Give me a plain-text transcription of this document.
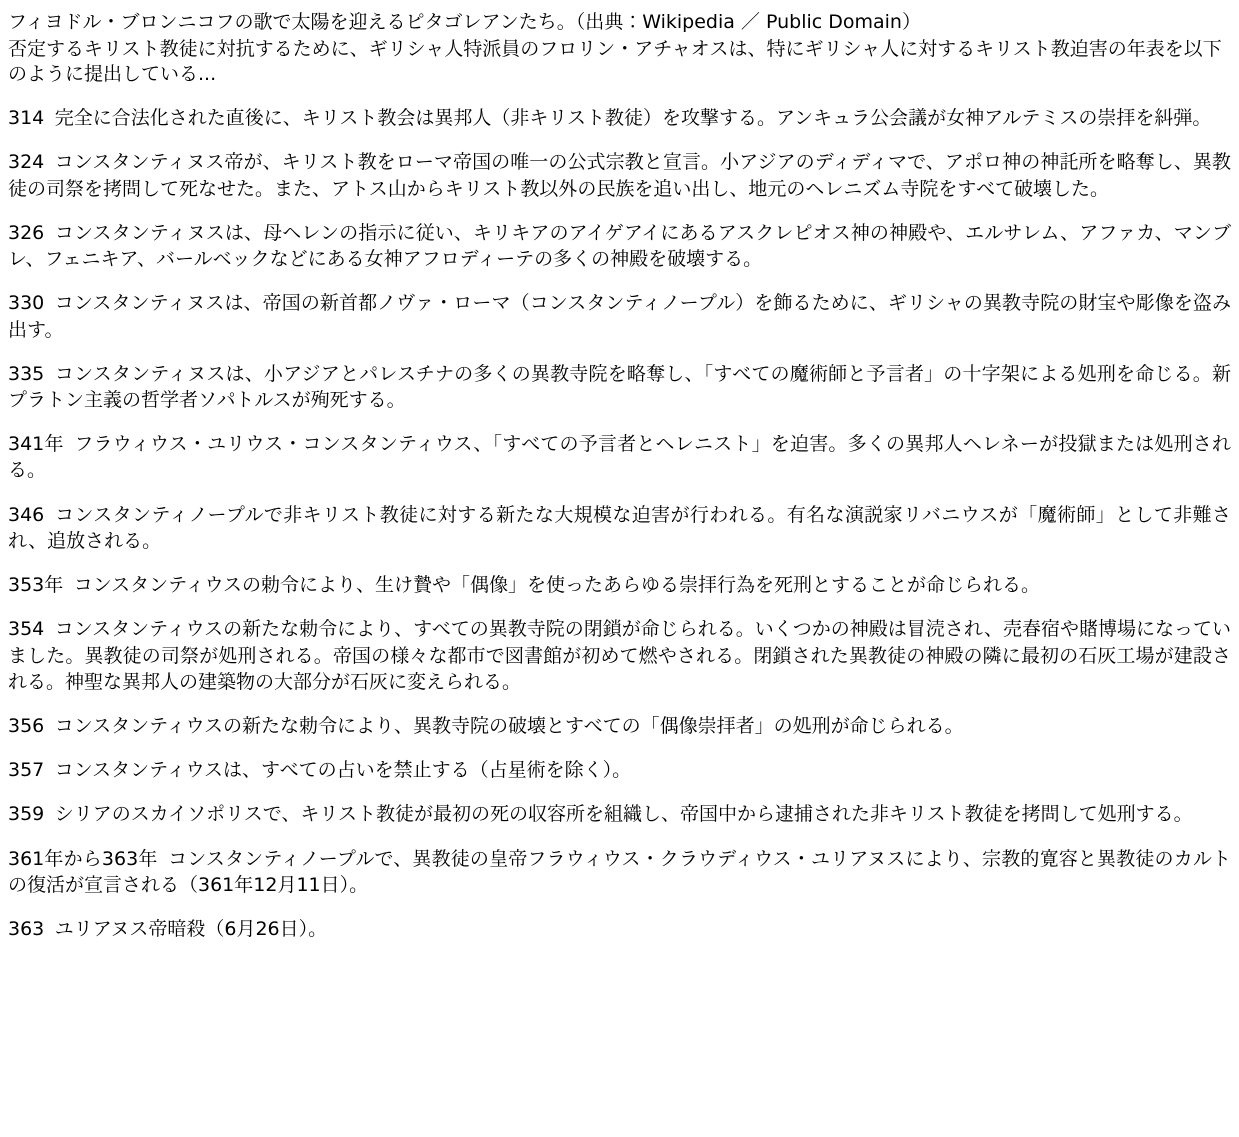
フィヨドル・ブロンニコフの歌で太陽を迎えるピタゴレアンたち。（出典：Wikipedia ／ Public Domain）
否定するキリスト教徒に対抗するために、ギリシャ人特派員のフロリン・アチャオスは、特にギリシャ人に対するキリスト教迫害の年表を以下のように提出している...
314 完全に合法化された直後に、キリスト教会は異邦人（非キリスト教徒）を攻撃する。アンキュラ公会議が女神アルテミスの崇拝を糾弾。
324 コンスタンティヌス帝が、キリスト教をローマ帝国の唯一の公式宗教と宣言。小アジアのディディマで、アポロ神の神託所を略奪し、異教徒の司祭を拷問して死なせた。また、アトス山からキリスト教以外の民族を追い出し、地元のヘレニズム寺院をすべて破壊した。
326 コンスタンティヌスは、母ヘレンの指示に従い、キリキアのアイゲアイにあるアスクレピオス神の神殿や、エルサレム、アファカ、マンブレ、フェニキア、バールベックなどにある女神アフロディーテの多くの神殿を破壊する。
330 コンスタンティヌスは、帝国の新首都ノヴァ・ローマ（コンスタンティノープル）を飾るために、ギリシャの異教寺院の財宝や彫像を盗み出す。
335 コンスタンティヌスは、小アジアとパレスチナの多くの異教寺院を略奪し、「すべての魔術師と予言者」の十字架による処刑を命じる。新プラトン主義の哲学者ソパトルスが殉死する。
341年 フラウィウス・ユリウス・コンスタンティウス、「すべての予言者とヘレニスト」を迫害。多くの異邦人ヘレネーが投獄または処刑される。
346 コンスタンティノープルで非キリスト教徒に対する新たな大規模な迫害が行われる。有名な演説家リバニウスが「魔術師」として非難され、追放される。
353年 コンスタンティウスの勅令により、生け贄や「偶像」を使ったあらゆる崇拝行為を死刑とすることが命じられる。
354 コンスタンティウスの新たな勅令により、すべての異教寺院の閉鎖が命じられる。いくつかの神殿は冒涜され、売春宿や賭博場になっていました。異教徒の司祭が処刑される。帝国の様々な都市で図書館が初めて燃やされる。閉鎖された異教徒の神殿の隣に最初の石灰工場が建設される。神聖な異邦人の建築物の大部分が石灰に変えられる。
356 コンスタンティウスの新たな勅令により、異教寺院の破壊とすべての「偶像崇拝者」の処刑が命じられる。
357 コンスタンティウスは、すべての占いを禁止する（占星術を除く）。
359 シリアのスカイソポリスで、キリスト教徒が最初の死の収容所を組織し、帝国中から逮捕された非キリスト教徒を拷問して処刑する。
361年から363年 コンスタンティノープルで、異教徒の皇帝フラウィウス・クラウディウス・ユリアヌスにより、宗教的寛容と異教徒のカルトの復活が宣言される（361年12月11日）。
363 ユリアヌス帝暗殺（6月26日）。
